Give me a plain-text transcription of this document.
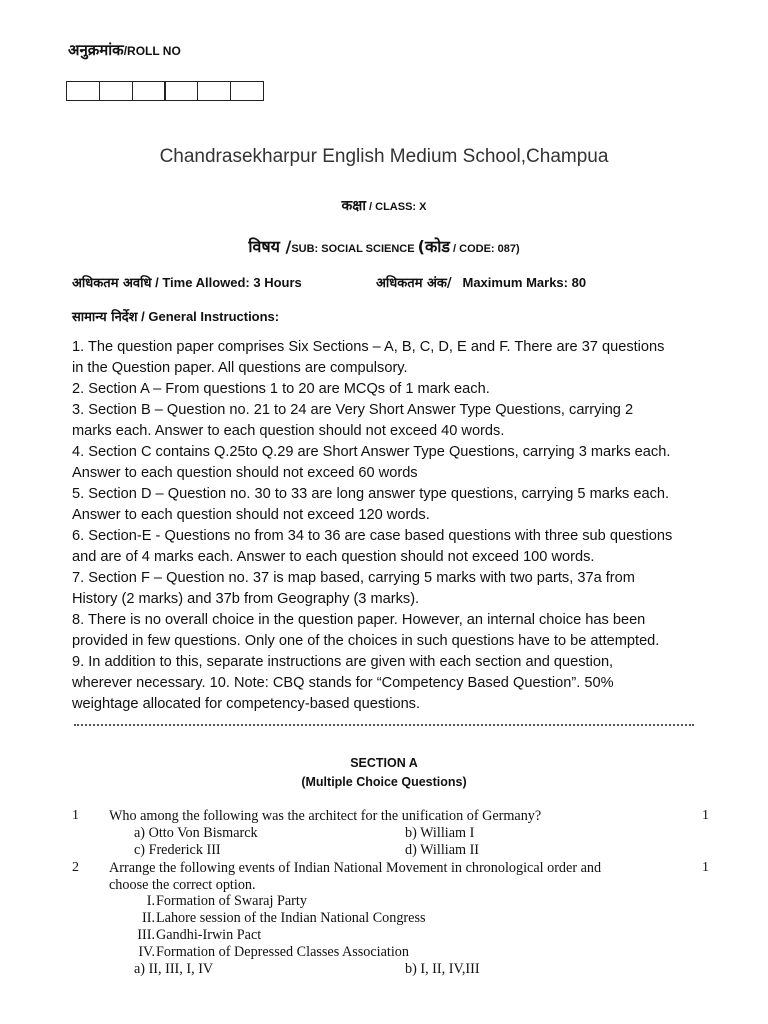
अनुक्रमांक/ROLL NO
Chandrasekharpur English Medium School,Champua
कक्षा / CLASS: X
विषय /SUB: SOCIAL SCIENCE (कोड / CODE: 087)
अधिकतम अवधि / Time Allowed: 3 Hours	अधिकतम अंक/ Maximum Marks: 80
सामान्य निर्देश / General Instructions:
1. The question paper comprises Six Sections – A, B, C, D, E and F. There are 37 questions
in the Question paper. All questions are compulsory.
2. Section A – From questions 1 to 20 are MCQs of 1 mark each.
3. Section B – Question no. 21 to 24 are Very Short Answer Type Questions, carrying 2
marks each. Answer to each question should not exceed 40 words.
4. Section C contains Q.25to Q.29 are Short Answer Type Questions, carrying 3 marks each.
Answer to each question should not exceed 60 words
5. Section D – Question no. 30 to 33 are long answer type questions, carrying 5 marks each.
Answer to each question should not exceed 120 words.
6. Section-E - Questions no from 34 to 36 are case based questions with three sub questions
and are of 4 marks each. Answer to each question should not exceed 100 words.
7. Section F – Question no. 37 is map based, carrying 5 marks with two parts, 37a from
History (2 marks) and 37b from Geography (3 marks).
8. There is no overall choice in the question paper. However, an internal choice has been
provided in few questions. Only one of the choices in such questions have to be attempted.
9. In addition to this, separate instructions are given with each section and question,
wherever necessary. 10. Note: CBQ stands for “Competency Based Question”. 50%
weightage allocated for competency-based questions.
SECTION A
(Multiple Choice Questions)
1 Who among the following was the architect for the unification of Germany?	1
a) Otto Von Bismarck	b) William I
c) Frederick III	d) William II
2 Arrange the following events of Indian National Movement in chronological order and	1
choose the correct option.
I. Formation of Swaraj Party
II. Lahore session of the Indian National Congress
III. Gandhi-Irwin Pact
IV. Formation of Depressed Classes Association
a) II, III, I, IV	b) I, II, IV,III
